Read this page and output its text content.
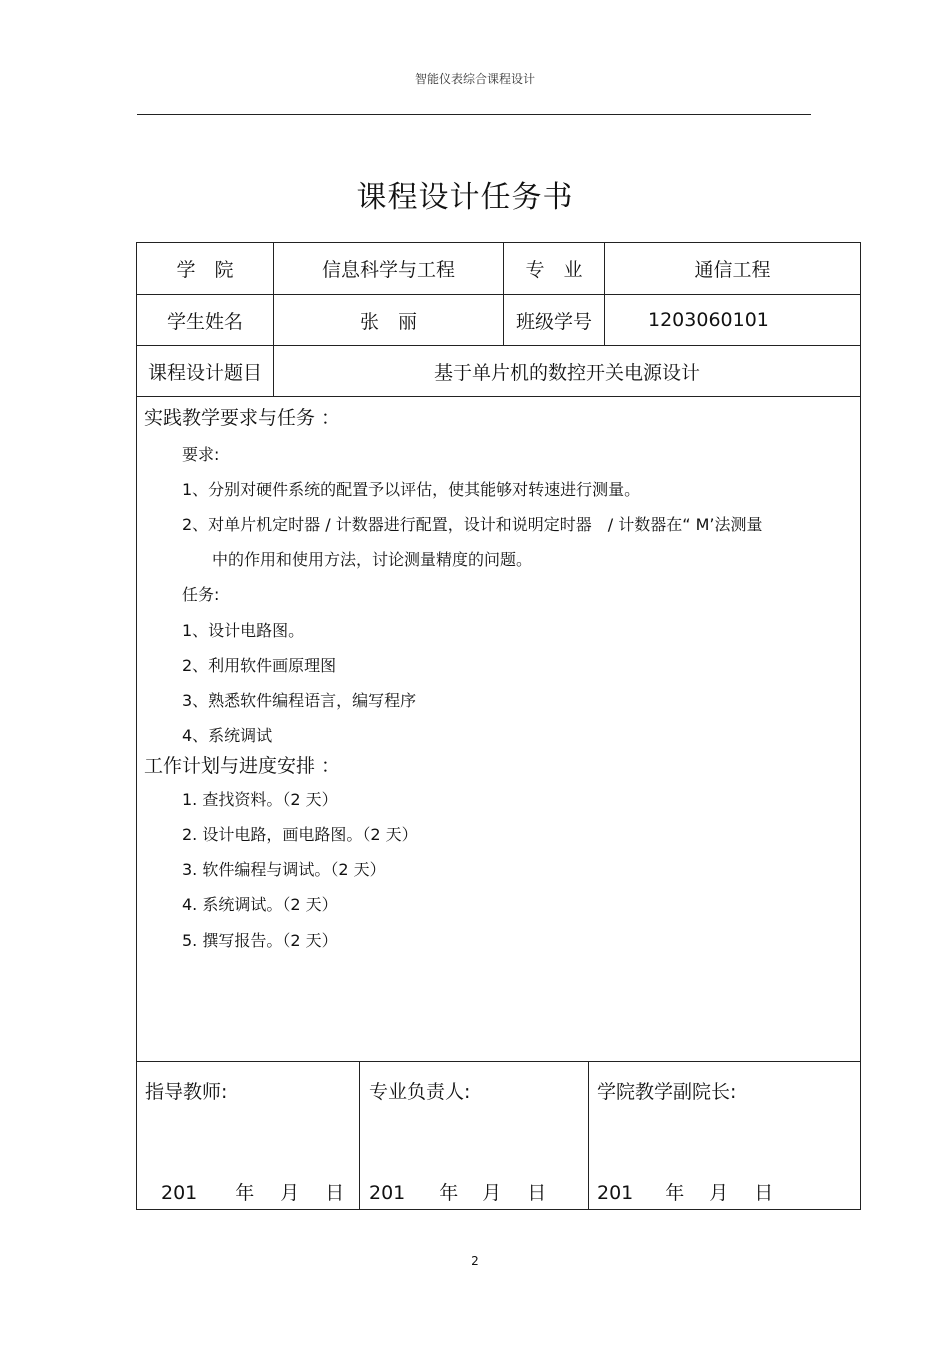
智能仪表综合课程设计
课程设计任务书
学　院	信息科学与工程	专　业	通信工程
学生姓名	张　丽	班级学号	1203060101
课程设计题目	基于单片机的数控开关电源设计
实践教学要求与任务 ：
要求:
1、分别对硬件系统的配置予以评估，使其能够对转速进行测量。
2、对单片机定时器 / 计数器进行配置，设计和说明定时器　/ 计数器在“ M’法测量
中的作用和使用方法，讨论测量精度的问题。
任务:
1、设计电路图。
2、利用软件画原理图
3、熟悉软件编程语言，编写程序
4、系统调试
工作计划与进度安排 ：
1. 查找资料。（2 天）
2. 设计电路，画电路图。（2 天）
3. 软件编程与调试。（2 天）
4. 系统调试。（2 天）
5. 撰写报告。（2 天）
指导教师:	专业负责人:	学院教学副院长:
201 年 月 日 201 年 月 日	201 年 月 日
2
